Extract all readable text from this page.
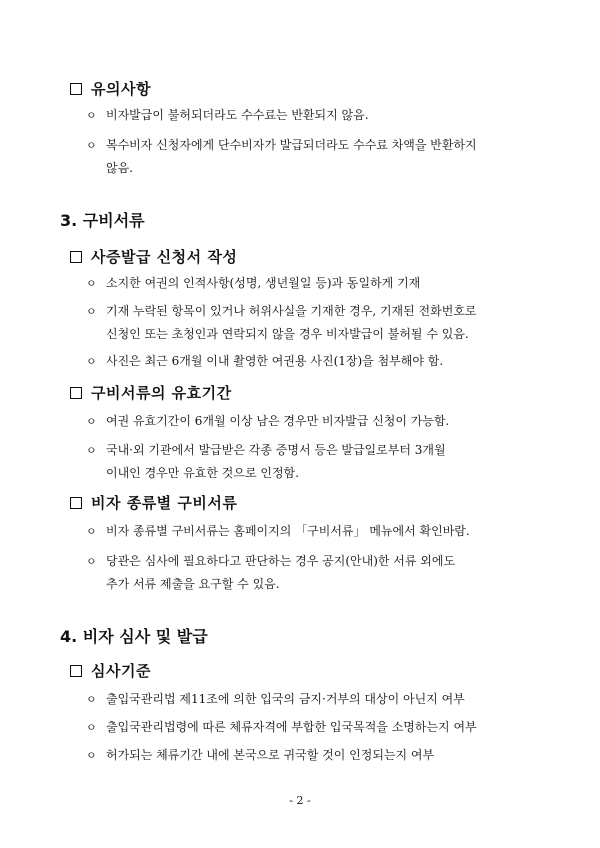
유의사항
ㅇ 비자발급이 불허되더라도 수수료는 반환되지 않음.
ㅇ 복수비자 신청자에게 단수비자가 발급되더라도 수수료 차액을 반환하지
않음.
3. 구비서류
사증발급 신청서 작성
ㅇ 소지한 여권의 인적사항(성명, 생년월일 등)과 동일하게 기재
ㅇ 기재 누락된 항목이 있거나 허위사실을 기재한 경우, 기재된 전화번호로
신청인 또는 초청인과 연락되지 않을 경우 비자발급이 불허될 수 있음.
ㅇ 사진은 최근 6개월 이내 촬영한 여권용 사진(1장)을 첨부해야 함.
구비서류의 유효기간
ㅇ 여권 유효기간이 6개월 이상 남은 경우만 비자발급 신청이 가능함.
ㅇ 국내·외 기관에서 발급받은 각종 증명서 등은 발급일로부터 3개월
이내인 경우만 유효한 것으로 인정함.
비자 종류별 구비서류
ㅇ 비자 종류별 구비서류는 홈페이지의 「구비서류」 메뉴에서 확인바람.
ㅇ 당관은 심사에 필요하다고 판단하는 경우 공지(안내)한 서류 외에도
추가 서류 제출을 요구할 수 있음.
4. 비자 심사 및 발급
심사기준
ㅇ 출입국관리법 제11조에 의한 입국의 금지·거부의 대상이 아닌지 여부
ㅇ 출입국관리법령에 따른 체류자격에 부합한 입국목적을 소명하는지 여부
ㅇ 허가되는 체류기간 내에 본국으로 귀국할 것이 인정되는지 여부
- 2 -
